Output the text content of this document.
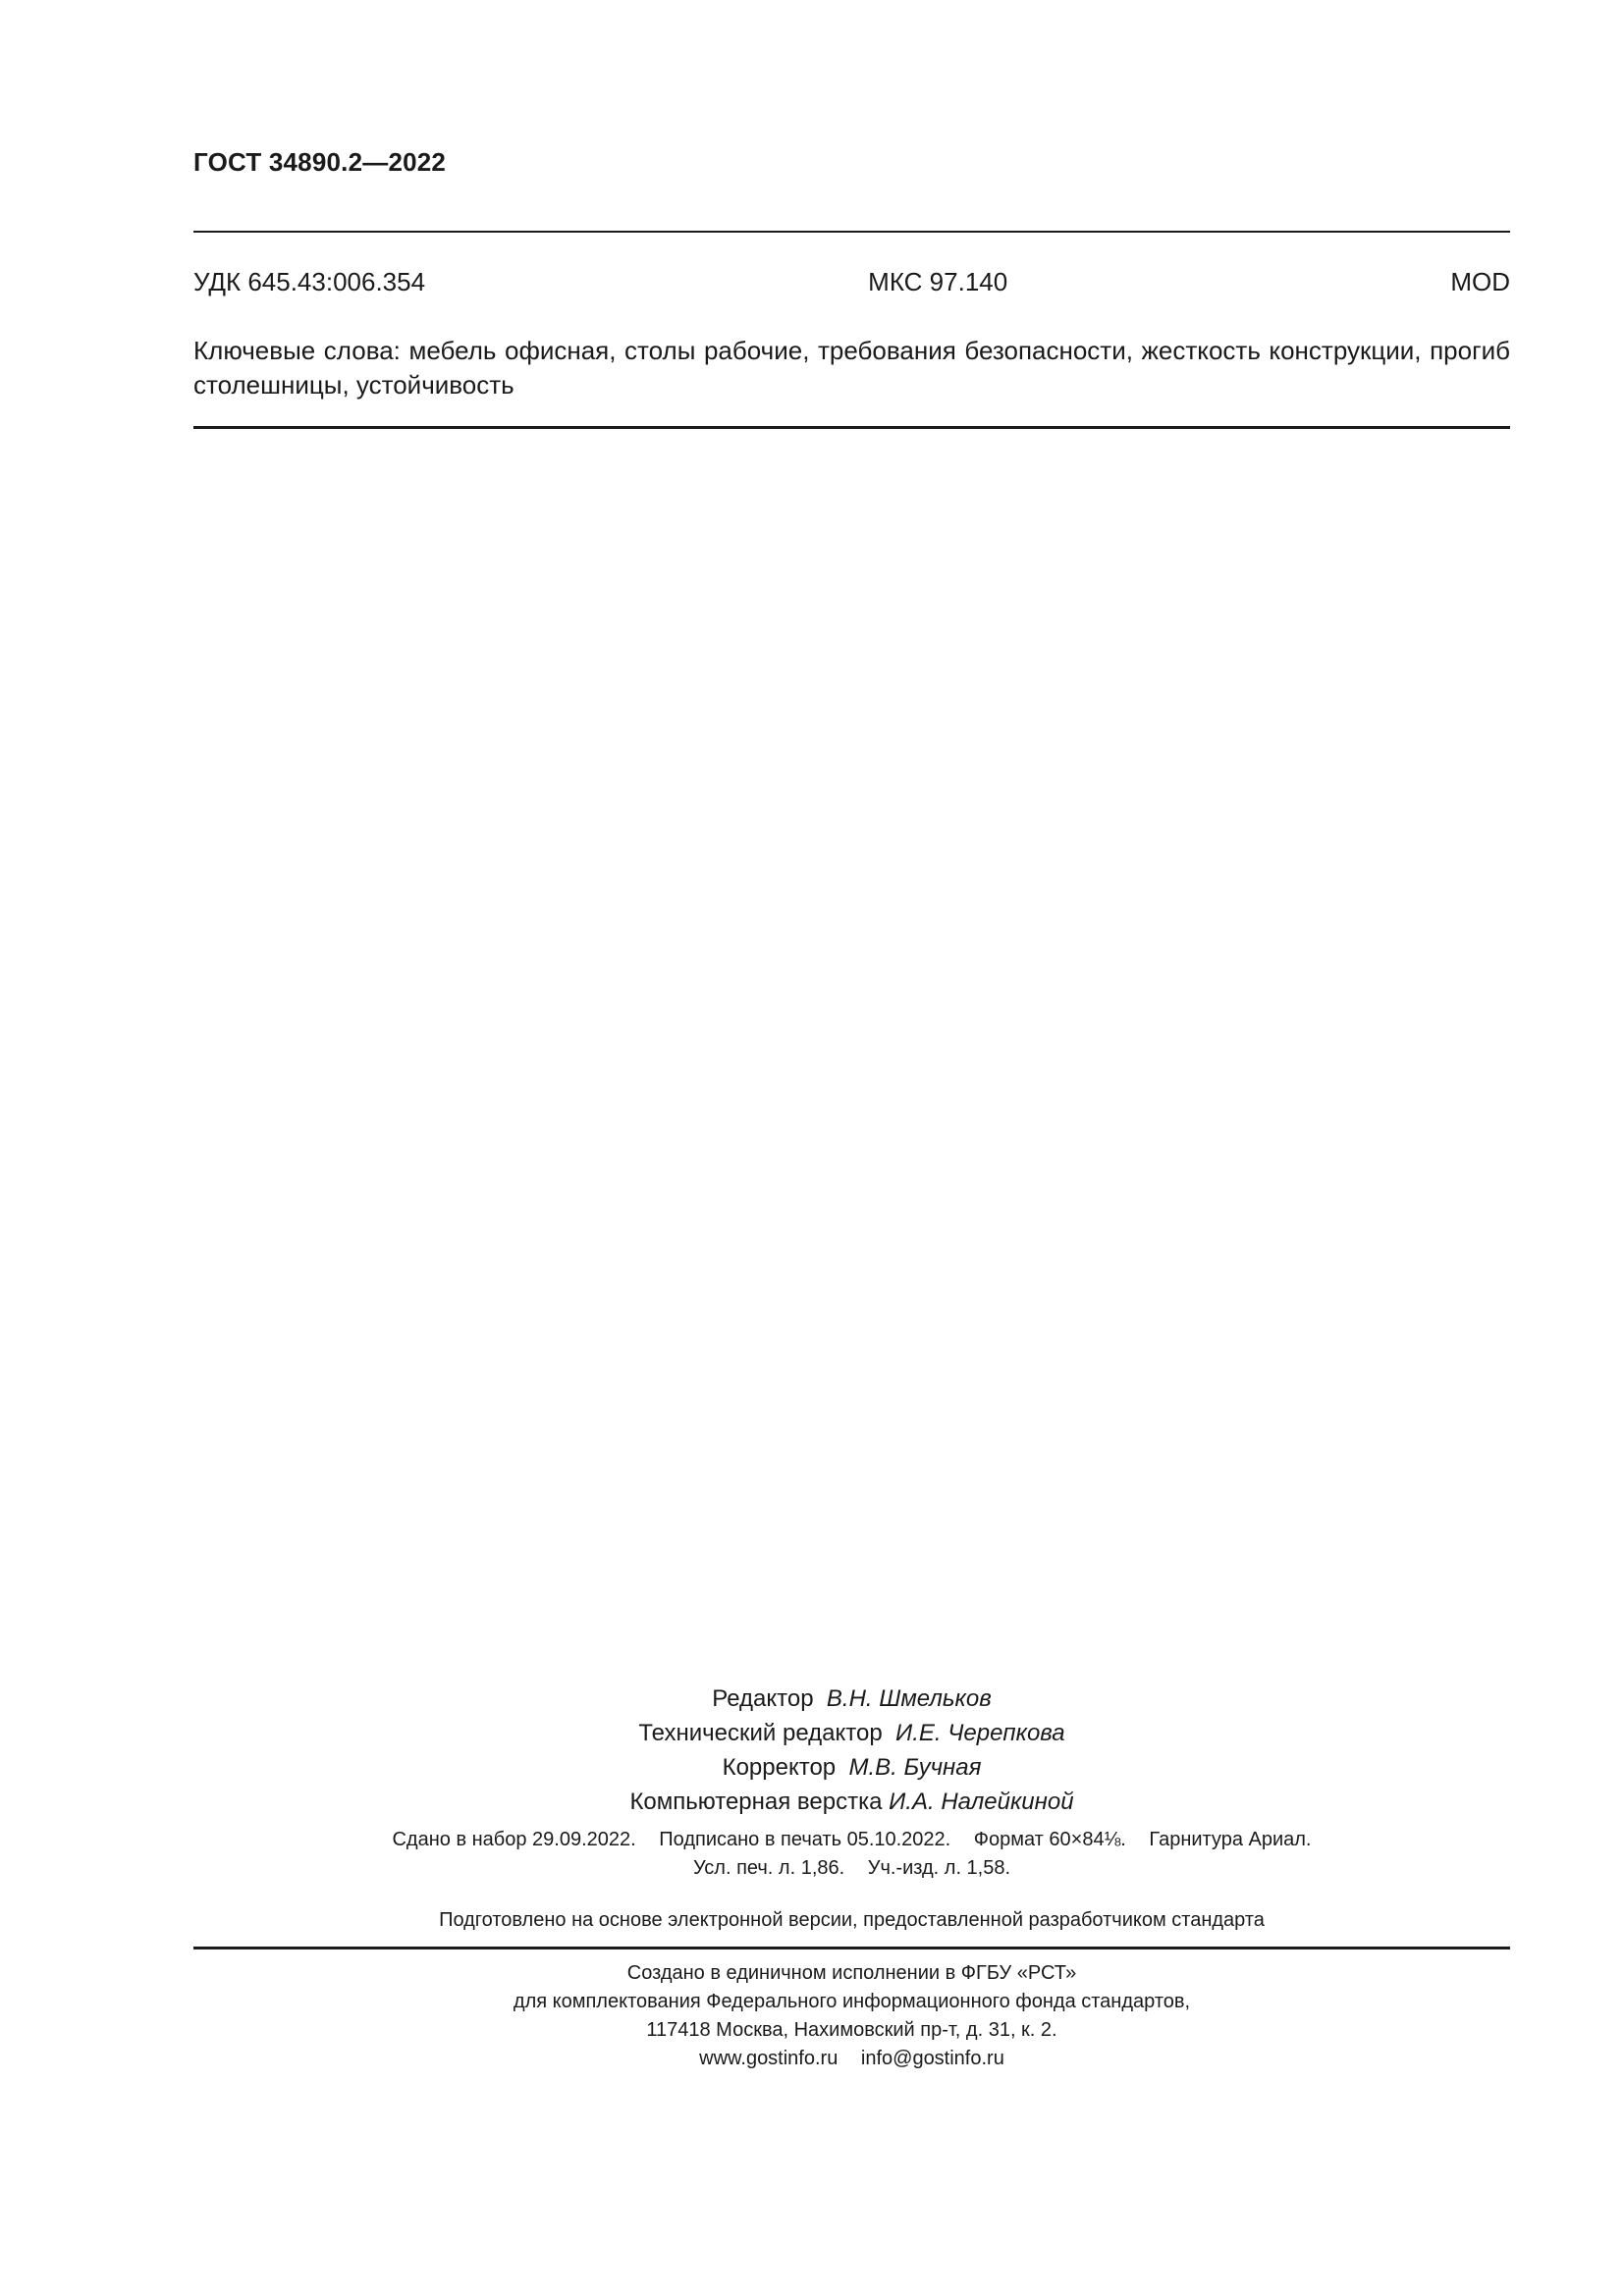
ГОСТ 34890.2—2022
УДК 645.43:006.354	МКС 97.140	MOD
Ключевые слова: мебель офисная, столы рабочие, требования безопасности, жесткость конструкции, прогиб столешницы, устойчивость
Редактор В.Н. Шмельков
Технический редактор И.Е. Черепкова
Корректор М.В. Бучная
Компьютерная верстка И.А. Налейкиной
Сдано в набор 29.09.2022. Подписано в печать 05.10.2022. Формат 60×84⅛. Гарнитура Ариал.
Усл. печ. л. 1,86. Уч.-изд. л. 1,58.
Подготовлено на основе электронной версии, предоставленной разработчиком стандарта
Создано в единичном исполнении в ФГБУ «РСТ»
для комплектования Федерального информационного фонда стандартов,
117418 Москва, Нахимовский пр-т, д. 31, к. 2.
www.gostinfo.ru info@gostinfo.ru
